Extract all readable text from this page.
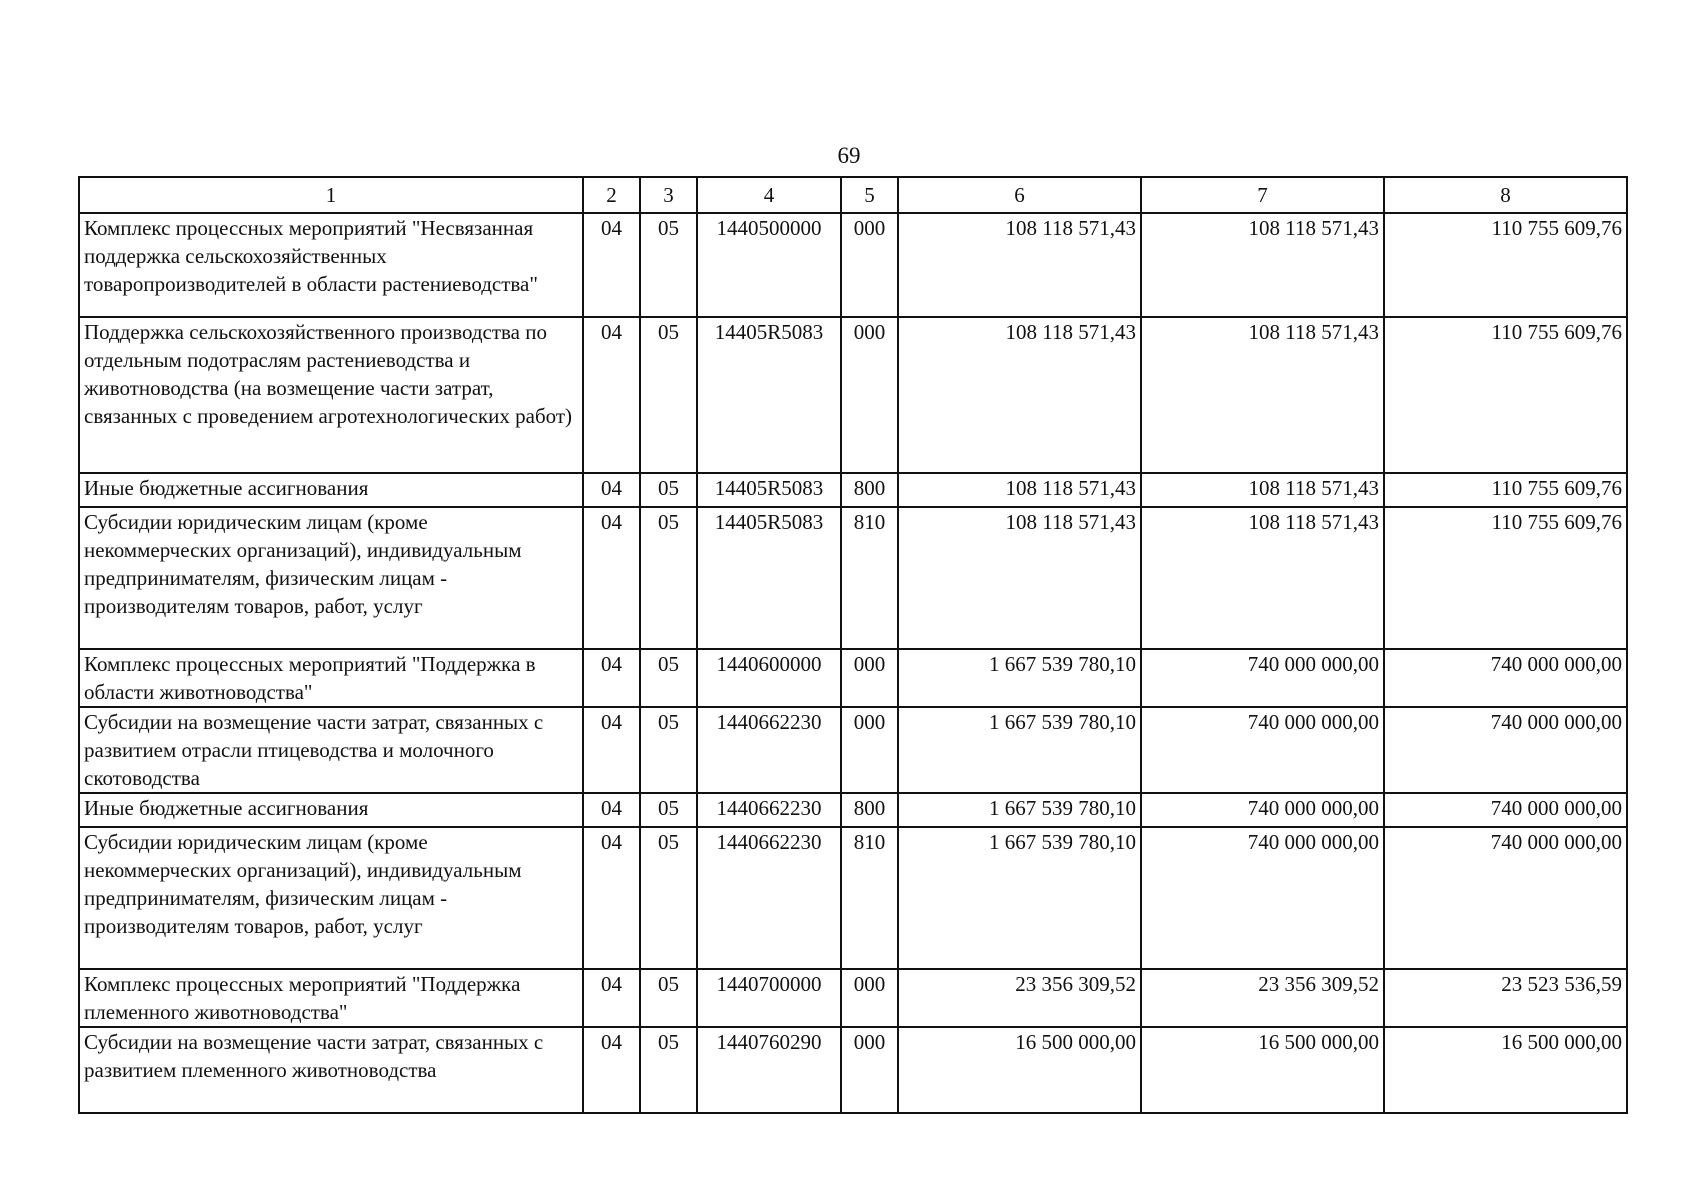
69
1	2	3	4	5	6	7	8
Комплекс процессных мероприятий "Несвязанная поддержка сельскохозяйственных товаропроизводителей в области растениеводства"	04	05	1440500000	000	108 118 571,43	108 118 571,43	110 755 609,76
Поддержка сельскохозяйственного производства по отдельным подотраслям растениеводства и животноводства (на возмещение части затрат, связанных с проведением агротехнологических работ)	04	05	14405R5083	000	108 118 571,43	108 118 571,43	110 755 609,76
Иные бюджетные ассигнования	04	05	14405R5083	800	108 118 571,43	108 118 571,43	110 755 609,76
Субсидии юридическим лицам (кроме некоммерческих организаций), индивидуальным предпринимателям, физическим лицам - производителям товаров, работ, услуг	04	05	14405R5083	810	108 118 571,43	108 118 571,43	110 755 609,76
Комплекс процессных мероприятий "Поддержка в области животноводства"	04	05	1440600000	000	1 667 539 780,10	740 000 000,00	740 000 000,00
Субсидии на возмещение части затрат, связанных с развитием отрасли птицеводства и молочного скотоводства	04	05	1440662230	000	1 667 539 780,10	740 000 000,00	740 000 000,00
Иные бюджетные ассигнования	04	05	1440662230	800	1 667 539 780,10	740 000 000,00	740 000 000,00
Субсидии юридическим лицам (кроме некоммерческих организаций), индивидуальным предпринимателям, физическим лицам - производителям товаров, работ, услуг	04	05	1440662230	810	1 667 539 780,10	740 000 000,00	740 000 000,00
Комплекс процессных мероприятий "Поддержка племенного животноводства"	04	05	1440700000	000	23 356 309,52	23 356 309,52	23 523 536,59
Субсидии на возмещение части затрат, связанных с развитием племенного животноводства	04	05	1440760290	000	16 500 000,00	16 500 000,00	16 500 000,00
